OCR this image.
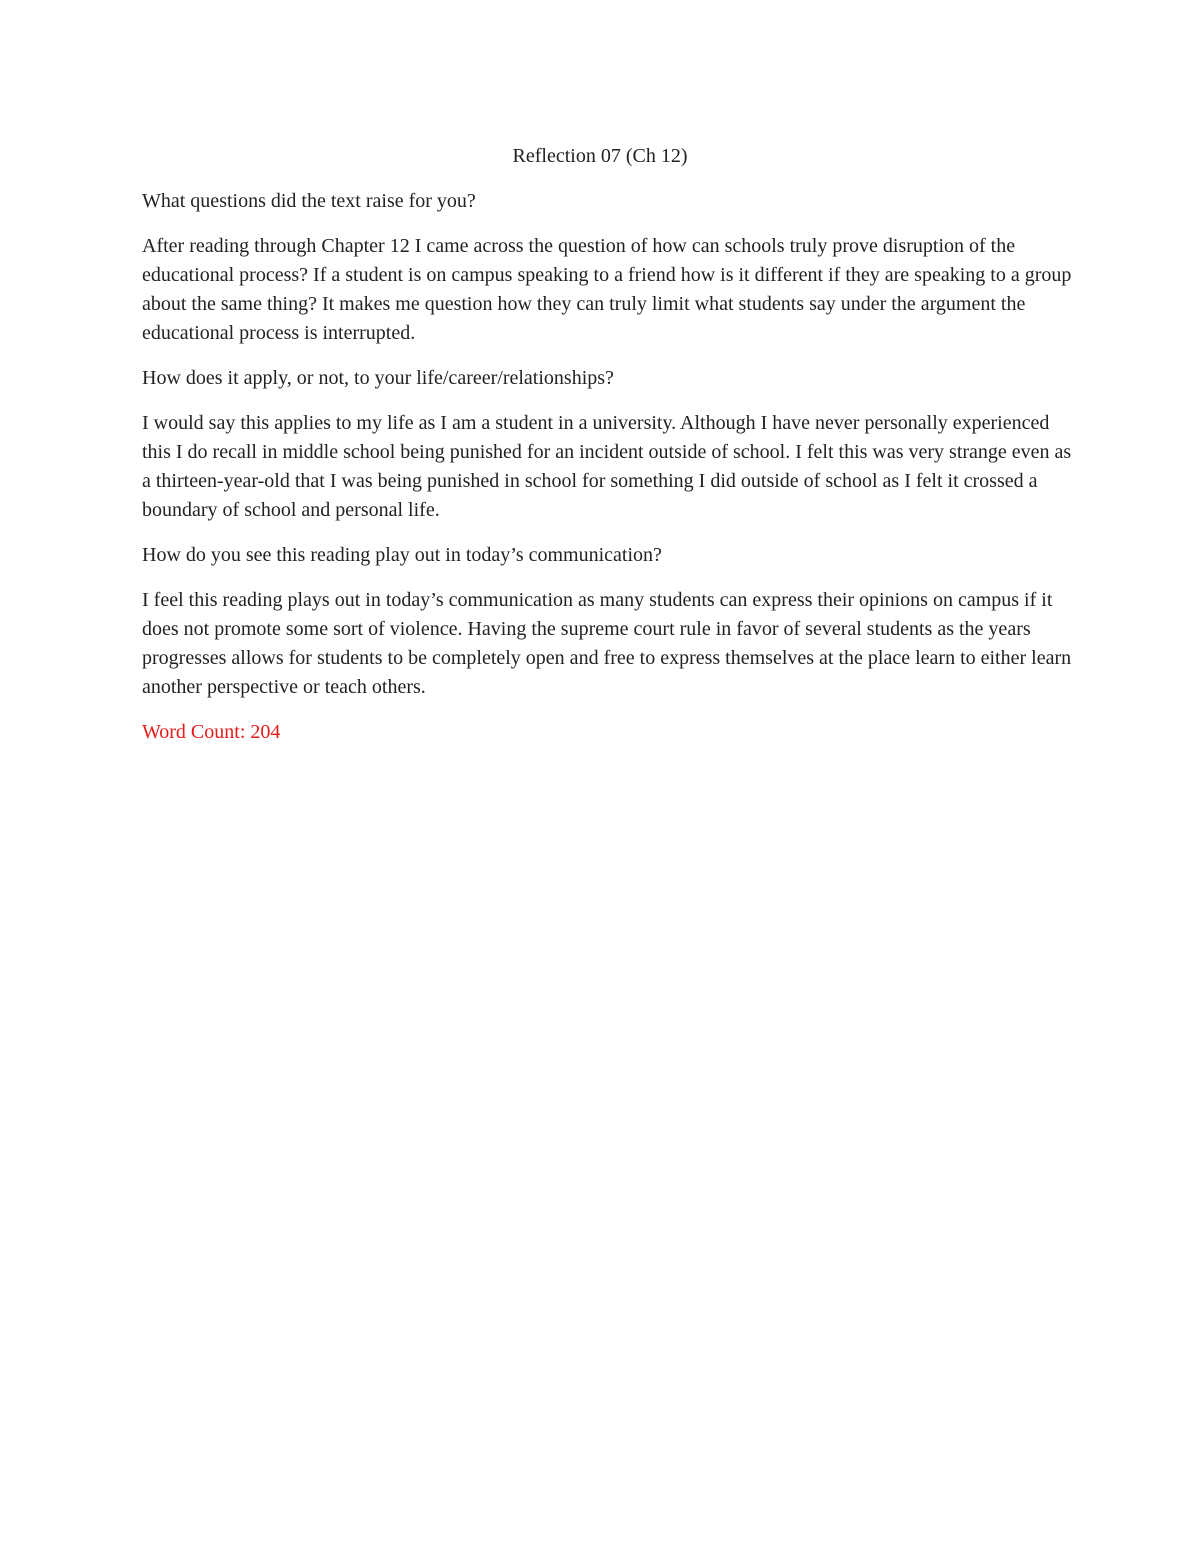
Reflection 07 (Ch 12)

What questions did the text raise for you?

After reading through Chapter 12 I came across the question of how can schools truly prove disruption of the educational process? If a student is on campus speaking to a friend how is it different if they are speaking to a group about the same thing? It makes me question how they can truly limit what students say under the argument the educational process is interrupted.

How does it apply, or not, to your life/career/relationships?

I would say this applies to my life as I am a student in a university. Although I have never personally experienced this I do recall in middle school being punished for an incident outside of school. I felt this was very strange even as a thirteen-year-old that I was being punished in school for something I did outside of school as I felt it crossed a boundary of school and personal life.

How do you see this reading play out in today’s communication?

I feel this reading plays out in today’s communication as many students can express their opinions on campus if it does not promote some sort of violence. Having the supreme court rule in favor of several students as the years progresses allows for students to be completely open and free to express themselves at the place learn to either learn another perspective or teach others.

Word Count: 204
